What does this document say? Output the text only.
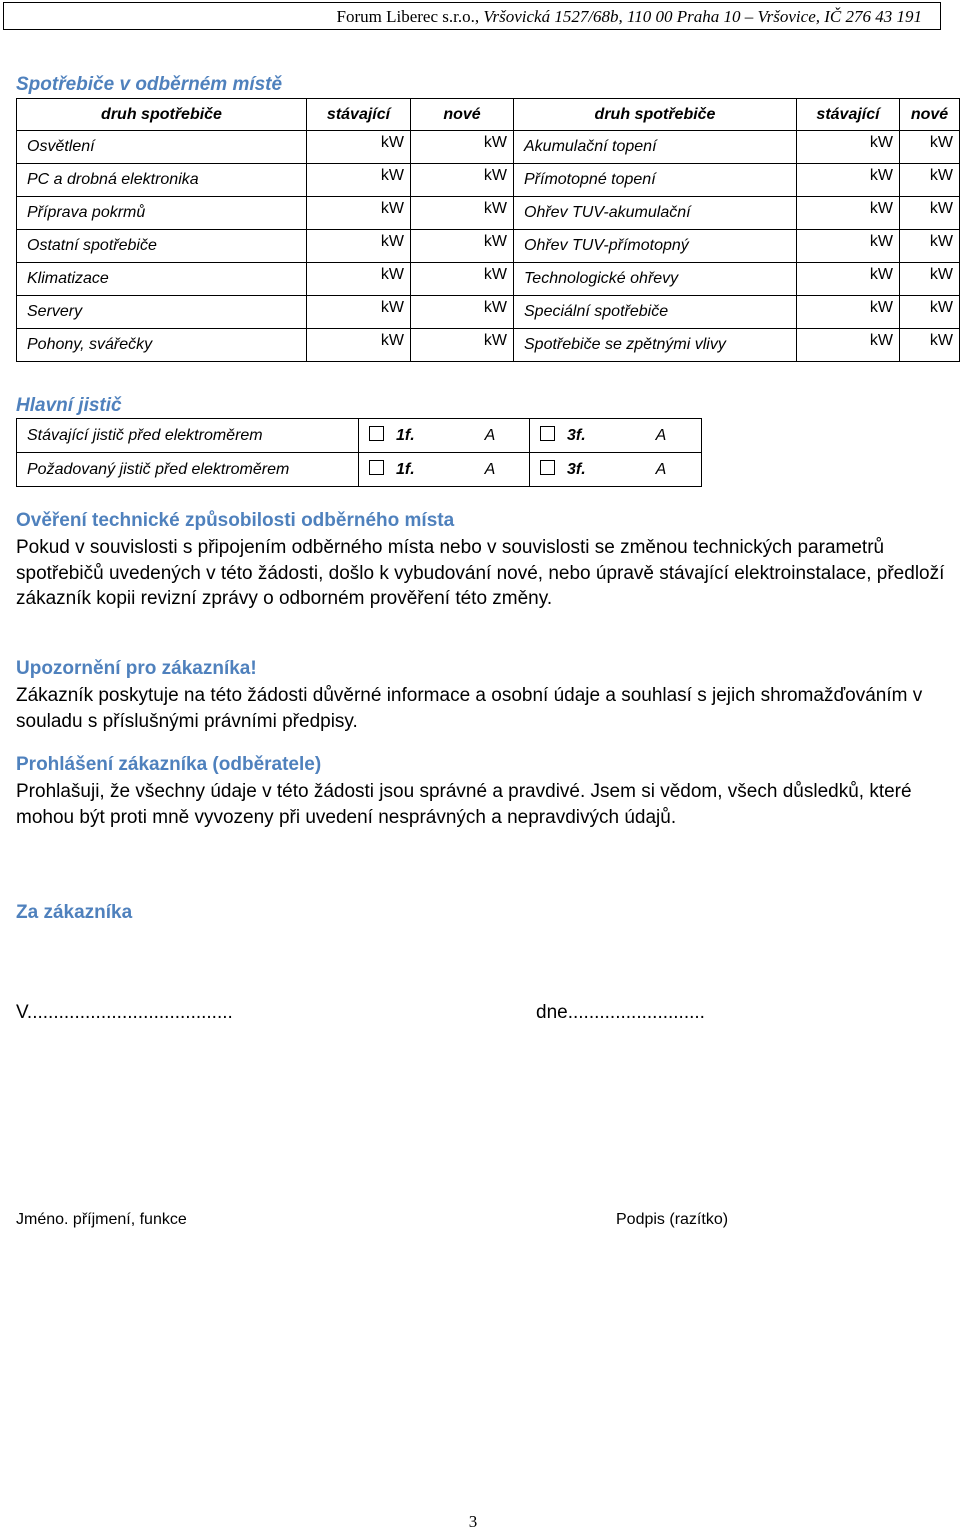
Forum Liberec s.r.o., Vršovická 1527/68b, 110 00 Praha 10 – Vršovice, IČ 276 43 191
Spotřebiče v odběrném místě
druh spotřebiče	stávající	nové	druh spotřebiče	stávající	nové
Osvětlení	kW	kW	Akumulační topení	kW	kW
PC a drobná elektronika	kW	kW	Přímotopné topení	kW	kW
Příprava pokrmů	kW	kW	Ohřev TUV-akumulační	kW	kW
Ostatní spotřebiče	kW	kW	Ohřev TUV-přímotopný	kW	kW
Klimatizace	kW	kW	Technologické ohřevy	kW	kW
Servery	kW	kW	Speciální spotřebiče	kW	kW
Pohony, svářečky	kW	kW	Spotřebiče se zpětnými vlivy	kW	kW
Hlavní jistič
Stávající jistič před elektroměrem	1f. A	3f. A
Požadovaný jistič před elektroměrem	1f. A	3f. A
Ověření technické způsobilosti odběrného místa
Pokud v souvislosti s připojením odběrného místa nebo v souvislosti se změnou technických parametrů spotřebičů uvedených v této žádosti, došlo k vybudování nové, nebo úpravě stávající elektroinstalace, předloží zákazník kopii revizní zprávy o odborném prověření této změny.
Upozornění pro zákazníka!
Zákazník poskytuje na této žádosti důvěrné informace a osobní údaje a souhlasí s jejich shromažďováním v souladu s příslušnými právními předpisy.
Prohlášení zákazníka (odběratele)
Prohlašuji, že všechny údaje v této žádosti jsou správné a pravdivé. Jsem si vědom, všech důsledků, které mohou být proti mně vyvozeny při uvedení nesprávných a nepravdivých údajů.
Za zákazníka
V.......................................	dne..........................
Jméno. příjmení, funkce	Podpis (razítko)
3
